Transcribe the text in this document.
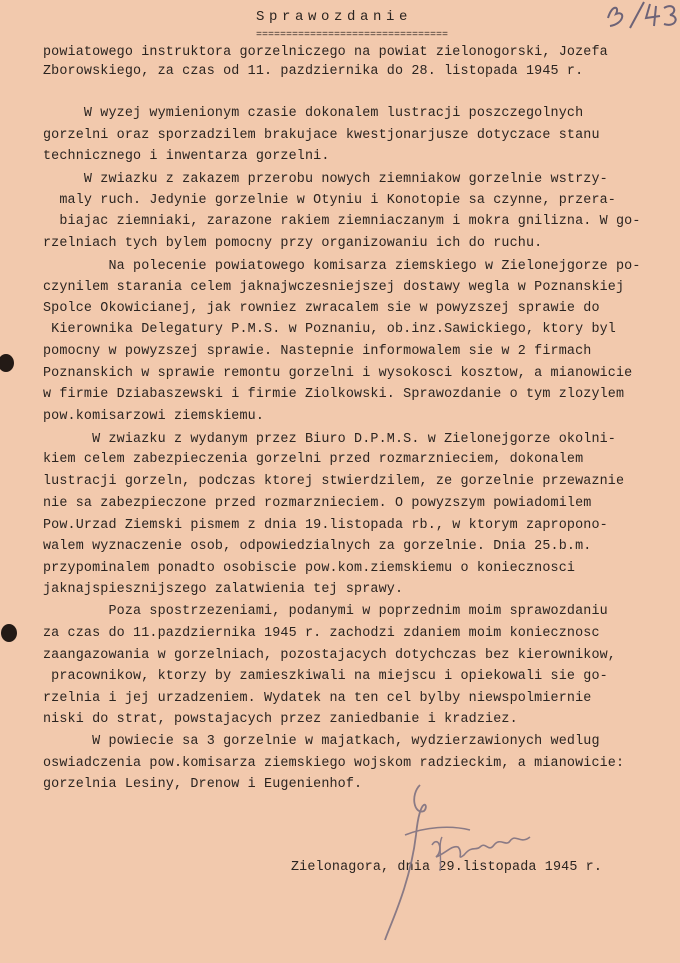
Sprawozdanie
================================
powiatowego instruktora gorzelniczego na powiat zielonogorski, Jozefa
Zborowskiego, za czas od 11. pazdziernika do 28. listopada 1945 r.
W wyzej wymienionym czasie dokonalem lustracji poszczegolnych
gorzelni oraz sporzadzilem brakujace kwestjonarjusze dotyczace stanu
technicznego i inwentarza gorzelni.
W zwiazku z zakazem przerobu nowych ziemniakow gorzelnie wstrzy-
maly ruch. Jedynie gorzelnie w Otyniu i Konotopie sa czynne, przera-
biajac ziemniaki, zarazone rakiem ziemniaczanym i mokra gnilizna. W go-
rzelniach tych bylem pomocny przy organizowaniu ich do ruchu.
Na polecenie powiatowego komisarza ziemskiego w Zielonejgorze po-
czynilem starania celem jaknajwczesniejszej dostawy wegla w Poznanskiej
Spolce Okowicianej, jak rowniez zwracalem sie w powyzszej sprawie do
Kierownika Delegatury P.M.S. w Poznaniu, ob.inz.Sawickiego, ktory byl
pomocny w powyzszej sprawie. Nastepnie informowalem sie w 2 firmach
Poznanskich w sprawie remontu gorzelni i wysokosci kosztow, a mianowicie
w firmie Dziabaszewski i firmie Ziolkowski. Sprawozdanie o tym zlozylem
pow.komisarzowi ziemskiemu.
W zwiazku z wydanym przez Biuro D.P.M.S. w Zielonejgorze okolni-
kiem celem zabezpieczenia gorzelni przed rozmarznieciem, dokonalem
lustracji gorzeln, podczas ktorej stwierdzilem, ze gorzelnie przewaznie
nie sa zabezpieczone przed rozmarznieciem. O powyzszym powiadomilem
Pow.Urzad Ziemski pismem z dnia 19.listopada rb., w ktorym zapropono-
walem wyznaczenie osob, odpowiedzialnych za gorzelnie. Dnia 25.b.m.
przypominalem ponadto osobiscie pow.kom.ziemskiemu o koniecznosci
jaknajspiesznijszego zalatwienia tej sprawy.
Poza spostrzezeniami, podanymi w poprzednim moim sprawozdaniu
za czas do 11.pazdziernika 1945 r. zachodzi zdaniem moim koniecznosc
zaangazowania w gorzelniach, pozostajacych dotychczas bez kierownikow,
pracownikow, ktorzy by zamieszkiwali na miejscu i opiekowali sie go-
rzelnia i jej urzadzeniem. Wydatek na ten cel bylby niewspolmiernie
niski do strat, powstajacych przez zaniedbanie i kradziez.
W powiecie sa 3 gorzelnie w majatkach, wydzierzawionych wedlug
oswiadczenia pow.komisarza ziemskiego wojskom radzieckim, a mianowicie:
gorzelnia Lesiny, Drenow i Eugenienhof.
Zielonagora, dnia 29.listopada 1945 r.
